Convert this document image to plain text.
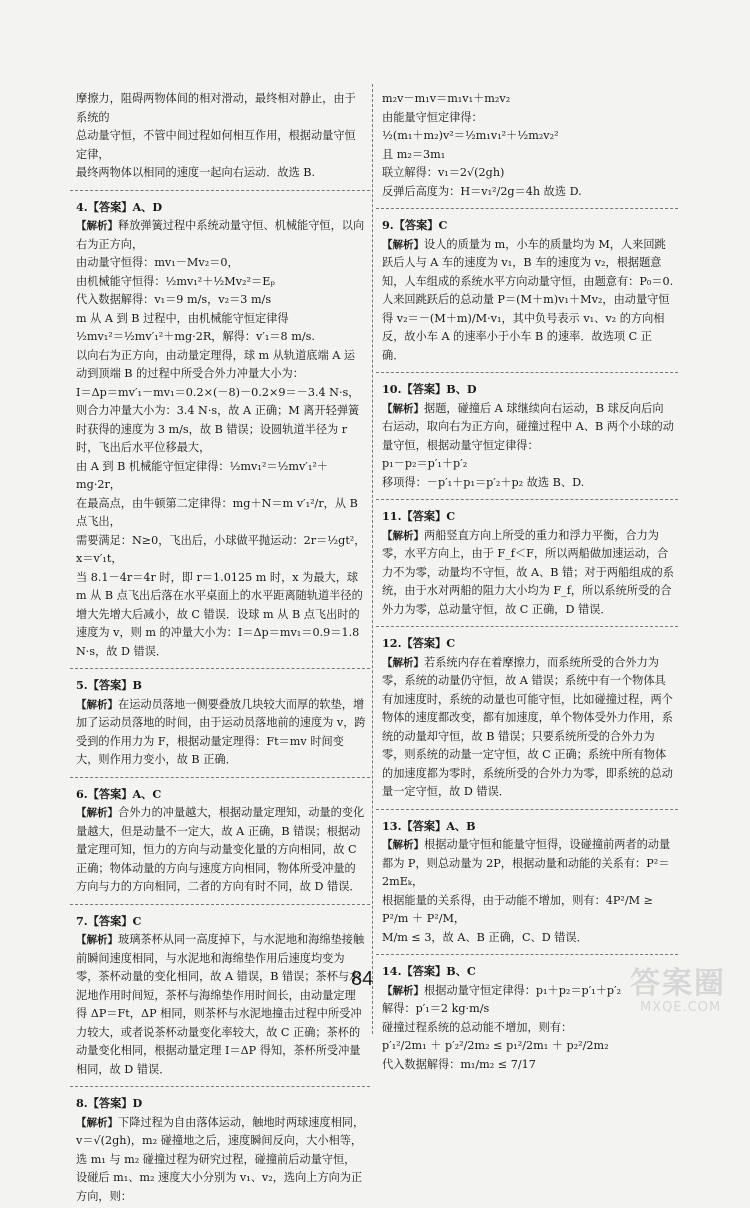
摩擦力，阻碍两物体间的相对滑动，最终相对静止，由于系统的
总动量守恒，不管中间过程如何相互作用，根据动量守恒定律，
最终两物体以相同的速度一起向右运动．故选 B.
4.【答案】A、D
【解析】释放弹簧过程中系统动量守恒、机械能守恒，以向右为正方向，
由动量守恒得：mv₁－Mv₂＝0，
由机械能守恒得：½mv₁²＋½Mv₂²＝Eₚ
代入数据解得：v₁＝9 m/s，v₂＝3 m/s
m 从 A 到 B 过程中，由机械能守恒定律得
½mv₁²＝½mv′₁²＋mg·2R，解得：v′₁＝8 m/s.
以向右为正方向，由动量定理得，球 m 从轨道底端 A 运动到顶端 B 的过程中所受合外力冲量大小为：
I＝Δp＝mv′₁－mv₁＝0.2×(－8)－0.2×9＝－3.4 N·s，则合力冲量大小为：3.4 N·s，故 A 正确；M 离开轻弹簧时获得的速度为 3 m/s，故 B 错误；设圆轨道半径为 r 时，飞出后水平位移最大，
由 A 到 B 机械能守恒定律得：½mv₁²＝½mv′₁²＋mg·2r，
在最高点，由牛顿第二定律得：mg＋N＝m v′₁²/r，从 B 点飞出，
需要满足：N≥0，飞出后，小球做平抛运动：2r＝½gt²，x＝v′₁t，
当 8.1－4r＝4r 时，即 r＝1.0125 m 时，x 为最大，球 m 从 B 点飞出后落在水平桌面上的水平距离随轨道半径的增大先增大后减小，故 C 错误．设球 m 从 B 点飞出时的速度为 v，则 m 的冲量大小为：I＝Δp＝mv₁＝0.9＝1.8 N·s，故 D 错误．
5.【答案】B
【解析】在运动员落地一侧要叠放几块较大而厚的软垫，增加了运动员落地的时间，由于运动员落地前的速度为 v，跨受到的作用力为 F，根据动量定理得：Ft＝mv 时间变大，则作用力变小，故 B 正确．
6.【答案】A、C
【解析】合外力的冲量越大，根据动量定理知，动量的变化量越大，但是动量不一定大，故 A 正确，B 错误；根据动量定理可知，恒力的方向与动量变化量的方向相同，故 C 正确；物体动量的方向与速度方向相同，物体所受冲量的方向与力的方向相同，二者的方向有时不同，故 D 错误．
7.【答案】C
【解析】玻璃茶杯从同一高度掉下，与水泥地和海绵垫接触前瞬间速度相同，与水泥地和海绵垫作用后速度均变为零，茶杯动量的变化相同，故 A 错误，B 错误；茶杯与水泥地作用时间短，茶杯与海绵垫作用时间长，由动量定理得 ΔP＝Ft，ΔP 相同，则茶杯与水泥地撞击过程中所受冲力较大，或者说茶杯动量变化率较大，故 C 正确；茶杯的动量变化相同，根据动量定理 I＝ΔP 得知，茶杯所受冲量相同，故 D 错误．
8.【答案】D
【解析】下降过程为自由落体运动，触地时两球速度相同，v＝√(2gh)，m₂ 碰撞地之后，速度瞬间反向，大小相等，选 m₁ 与 m₂ 碰撞过程为研究过程，碰撞前后动量守恒，设碰后 m₁、m₂ 速度大小分别为 v₁、v₂，选向上方向为正方向，则：
m₂v－m₁v＝m₁v₁＋m₂v₂
由能量守恒定律得：
½(m₁＋m₂)v²＝½m₁v₁²＋½m₂v₂²
且 m₂＝3m₁
联立解得：v₁＝2√(2gh)
反弹后高度为：H＝v₁²/2g＝4h 故选 D.
9.【答案】C
【解析】设人的质量为 m，小车的质量均为 M，人来回跳跃后人与 A 车的速度为 v₁，B 车的速度为 v₂，根据题意知，人车组成的系统水平方向动量守恒，由题意有：P₀＝0. 人来回跳跃后的总动量 P＝(M＋m)v₁＋Mv₂，由动量守恒得 v₂＝－(M＋m)/M·v₁，其中负号表示 v₁、v₂ 的方向相反，故小车 A 的速率小于小车 B 的速率．故选项 C 正确．
10.【答案】B、D
【解析】据题，碰撞后 A 球继续向右运动，B 球反向后向右运动，取向右为正方向，碰撞过程中 A、B 两个小球的动量守恒，根据动量守恒定律得：
p₁－p₂＝p′₁＋p′₂
移项得：－p′₁＋p₁＝p′₂＋p₂ 故选 B、D.
11.【答案】C
【解析】两船竖直方向上所受的重力和浮力平衡，合力为零，水平方向上，由于 F_f＜F，所以两船做加速运动，合力不为零，动量均不守恒，故 A、B 错；对于两船组成的系统，由于水对两船的阻力大小均为 F_f，所以系统所受的合外力为零，总动量守恒，故 C 正确，D 错误．
12.【答案】C
【解析】若系统内存在着摩擦力，而系统所受的合外力为零，系统的动量仍守恒，故 A 错误；系统中有一个物体具有加速度时，系统的动量也可能守恒，比如碰撞过程，两个物体的速度都改变，都有加速度，单个物体受外力作用，系统的动量却守恒，故 B 错误；只要系统所受的合外力为零，则系统的动量一定守恒，故 C 正确；系统中所有物体的加速度都为零时，系统所受的合外力为零，即系统的总动量一定守恒，故 D 错误．
13.【答案】A、B
【解析】根据动量守恒和能量守恒得，设碰撞前两者的动量都为 P，则总动量为 2P，根据动量和动能的关系有：P²＝2mEₖ，
根据能量的关系得，由于动能不增加，则有：4P²/M ≥ P²/m ＋ P²/M，
M/m ≤ 3，故 A、B 正确，C、D 错误．
14.【答案】B、C
【解析】根据动量守恒定律得：p₁＋p₂＝p′₁＋p′₂
解得：p′₁＝2 kg·m/s
碰撞过程系统的总动能不增加，则有：
p′₁²/2m₁ ＋ p′₂²/2m₂ ≤ p₁²/2m₁ ＋ p₂²/2m₂
代入数据解得：m₁/m₂ ≤ 7/17
84	答案圈
MXQE.COM
